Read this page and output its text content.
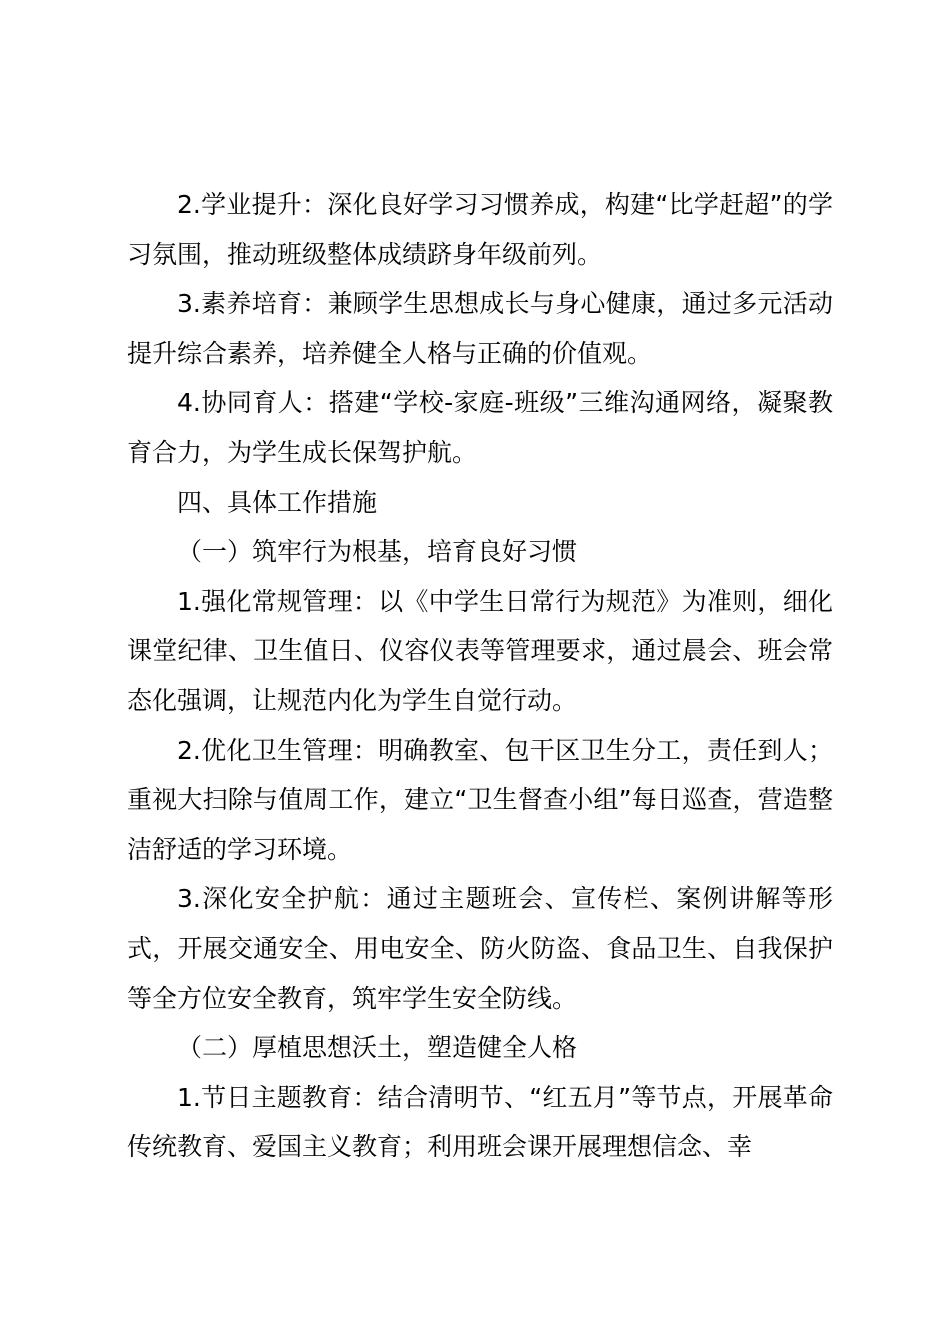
2.学业提升：深化良好学习习惯养成，构建“比学赶超”的学习氛围，推动班级整体成绩跻身年级前列。

3.素养培育：兼顾学生思想成长与身心健康，通过多元活动提升综合素养，培养健全人格与正确的价值观。

4.协同育人：搭建“学校-家庭-班级”三维沟通网络，凝聚教育合力，为学生成长保驾护航。

四、具体工作措施

（一）筑牢行为根基，培育良好习惯

1.强化常规管理：以《中学生日常行为规范》为准则，细化课堂纪律、卫生值日、仪容仪表等管理要求，通过晨会、班会常态化强调，让规范内化为学生自觉行动。

2.优化卫生管理：明确教室、包干区卫生分工，责任到人；重视大扫除与值周工作，建立“卫生督查小组”每日巡查，营造整洁舒适的学习环境。

3.深化安全护航：通过主题班会、宣传栏、案例讲解等形式，开展交通安全、用电安全、防火防盗、食品卫生、自我保护等全方位安全教育，筑牢学生安全防线。

（二）厚植思想沃土，塑造健全人格

1.节日主题教育：结合清明节、“红五月”等节点，开展革命传统教育、爱国主义教育；利用班会课开展理想信念、幸
